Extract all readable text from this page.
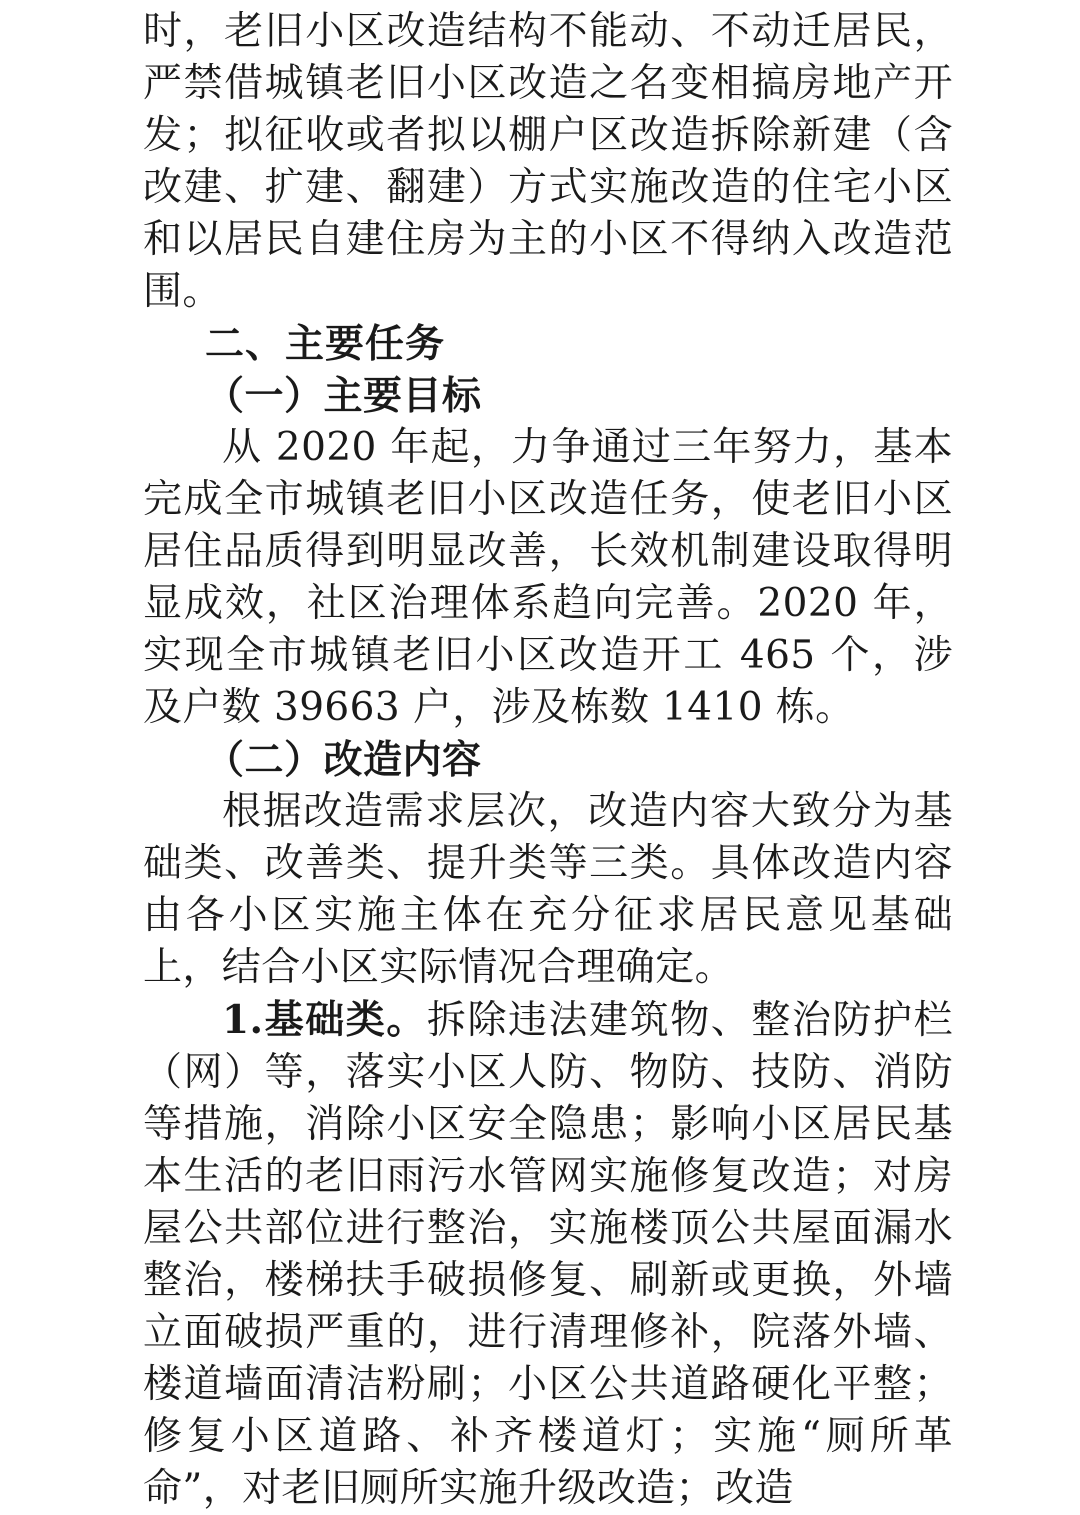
时，老旧小区改造结构不能动、不动迁居民，严禁借城镇老旧小区改造之名变相搞房地产开发；拟征收或者拟以棚户区改造拆除新建（含改建、扩建、翻建）方式实施改造的住宅小区和以居民自建住房为主的小区不得纳入改造范围。

二、主要任务

（一）主要目标

从 2020 年起，力争通过三年努力，基本完成全市城镇老旧小区改造任务，使老旧小区居住品质得到明显改善，长效机制建设取得明显成效，社区治理体系趋向完善。2020 年，实现全市城镇老旧小区改造开工 465 个，涉及户数 39663 户，涉及栋数 1410 栋。

（二）改造内容

根据改造需求层次，改造内容大致分为基础类、改善类、提升类等三类。具体改造内容由各小区实施主体在充分征求居民意见基础上，结合小区实际情况合理确定。

1.基础类。拆除违法建筑物、整治防护栏（网）等，落实小区人防、物防、技防、消防等措施，消除小区安全隐患；影响小区居民基本生活的老旧雨污水管网实施修复改造；对房屋公共部位进行整治，实施楼顶公共屋面漏水整治，楼梯扶手破损修复、刷新或更换，外墙立面破损严重的，进行清理修补，院落外墙、楼道墙面清洁粉刷；小区公共道路硬化平整；修复小区道路、补齐楼道灯；实施“厕所革命”，对老旧厕所实施升级改造；改造
